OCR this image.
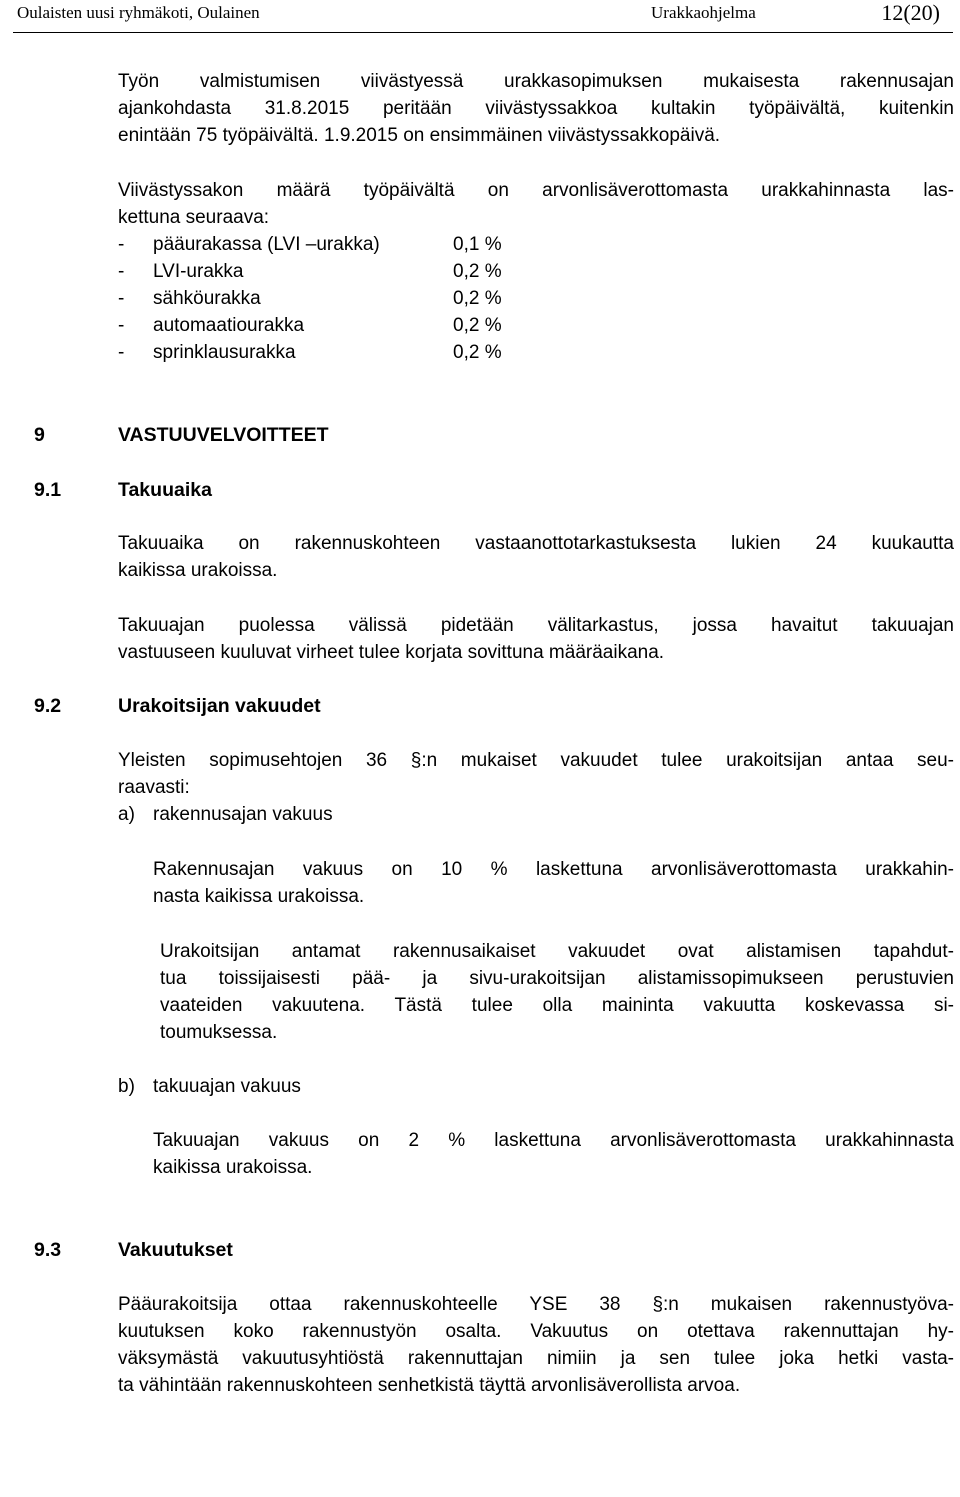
Oulaisten uusi ryhmäkoti, Oulainen	Urakkaohjelma	12(20)
Työn valmistumisen viivästyessä urakkasopimuksen mukaisesta rakennusajan
ajankohdasta 31.8.2015 peritään viivästyssakkoa kultakin työpäivältä, kuitenkin
enintään 75 työpäivältä. 1.9.2015 on ensimmäinen viivästyssakkopäivä.
Viivästyssakon määrä työpäivältä on arvonlisäverottomasta urakkahinnasta las-
kettuna seuraava:
- pääurakassa (LVI –urakka)	0,1 %
- LVI-urakka	0,2 %
- sähköurakka	0,2 %
- automaatiourakka	0,2 %
- sprinklausurakka	0,2 %
9	VASTUUVELVOITTEET
9.1	Takuuaika
Takuuaika on rakennuskohteen vastaanottotarkastuksesta lukien 24 kuukautta
kaikissa urakoissa.
Takuuajan puolessa välissä pidetään välitarkastus, jossa havaitut takuuajan
vastuuseen kuuluvat virheet tulee korjata sovittuna määräaikana.
9.2	Urakoitsijan vakuudet
Yleisten sopimusehtojen 36 §:n mukaiset vakuudet tulee urakoitsijan antaa seu-
raavasti:
a) rakennusajan vakuus
Rakennusajan vakuus on 10 % laskettuna arvonlisäverottomasta urakkahin-
nasta kaikissa urakoissa.
Urakoitsijan antamat rakennusaikaiset vakuudet ovat alistamisen tapahdut-
tua toissijaisesti pää- ja sivu-urakoitsijan alistamissopimukseen perustuvien
vaateiden vakuutena. Tästä tulee olla maininta vakuutta koskevassa si-
toumuksessa.
b) takuuajan vakuus
Takuuajan vakuus on 2 % laskettuna arvonlisäverottomasta urakkahinnasta
kaikissa urakoissa.
9.3	Vakuutukset
Pääurakoitsija ottaa rakennuskohteelle YSE 38 §:n mukaisen rakennustyöva-
kuutuksen koko rakennustyön osalta. Vakuutus on otettava rakennuttajan hy-
väksymästä vakuutusyhtiöstä rakennuttajan nimiin ja sen tulee joka hetki vasta-
ta vähintään rakennuskohteen senhetkistä täyttä arvonlisäverollista arvoa.
